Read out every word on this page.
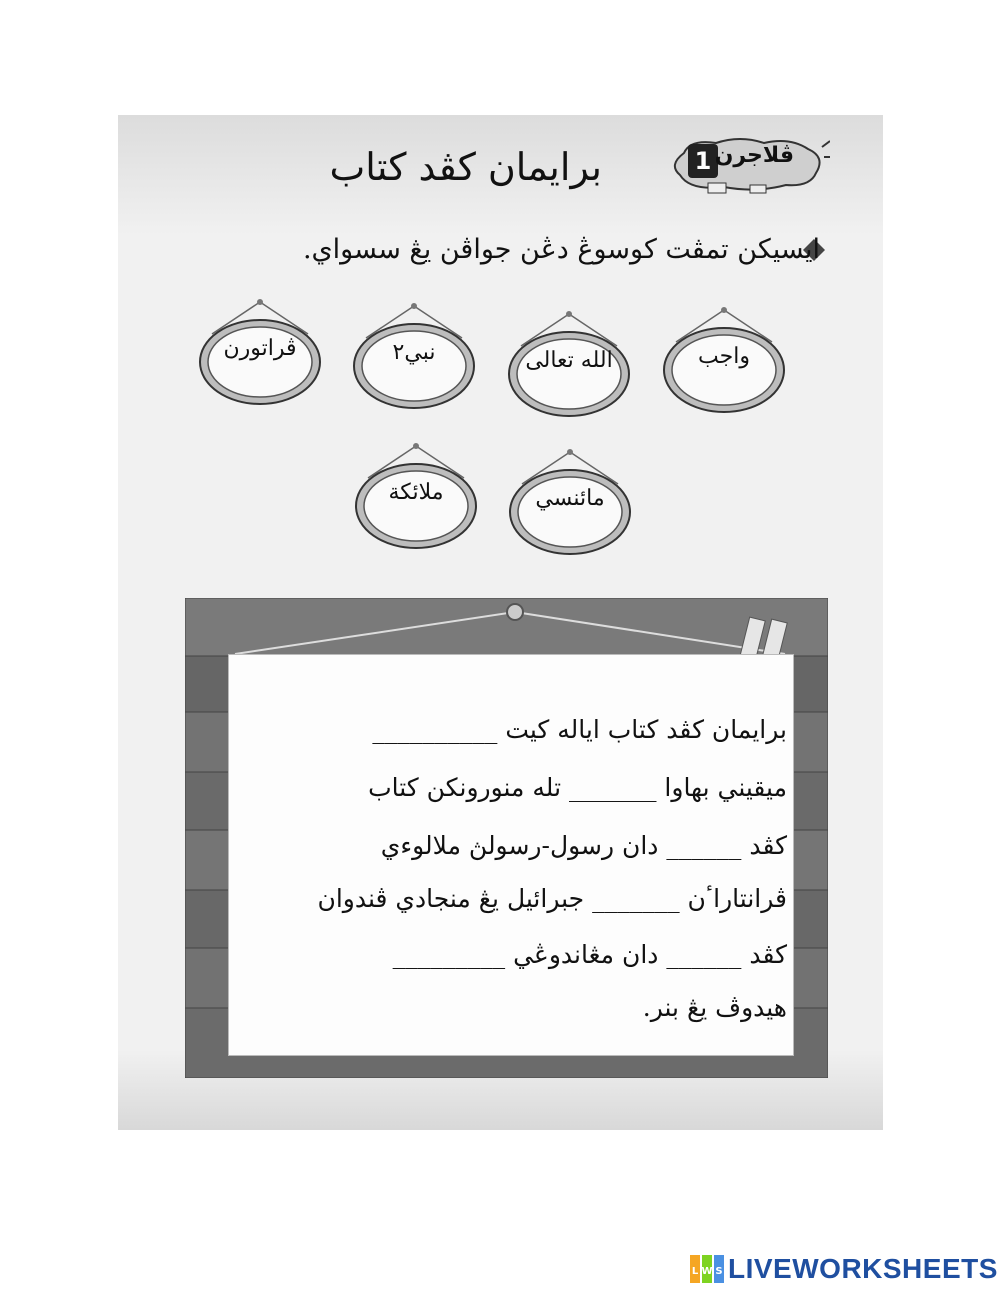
برايمان كڤد كتاب	1 ڤلاجرن
ايسيكن تمڤت كوسوڠ دڠن جواڤن يڠ سسواي.
واجب
الله تعالى
نبي٢
ڤراتورن
مائنسي
ملائكة
برايمان كڤد كتاب اياله كيت __________
ميقيني بهاوا _______ تله منورونكن كتاب
كڤد ______ دان رسول-رسولڽ ملالوءي
ڤرانتاراٴن _______ جبرائيل يڠ منجادي ڤندوان
كڤد ______ دان مڠاندوڠي _________
هيدوڤ يڠ بنر.
L W S LIVEWORKSHEETS
